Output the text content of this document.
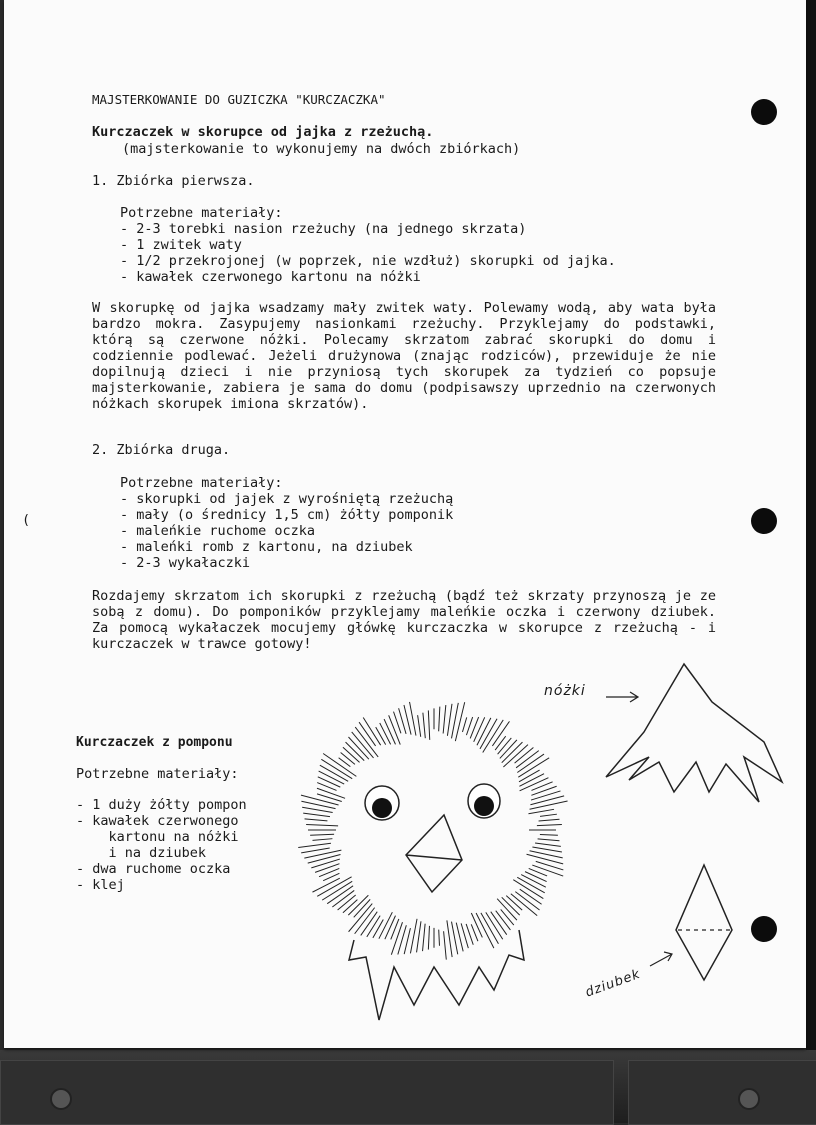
MAJSTERKOWANIE DO GUZICZKA "KURCZACZKA"
Kurczaczek w skorupce od jajka z rzeżuchą.
(majsterkowanie to wykonujemy na dwóch zbiórkach)
1. Zbiórka pierwsza.
Potrzebne materiały:
- 2-3 torebki nasion rzeżuchy (na jednego skrzata)
- 1 zwitek waty
- 1/2 przekrojonej (w poprzek, nie wzdłuż) skorupki od jajka.
- kawałek czerwonego kartonu na nóżki
W skorupkę od jajka wsadzamy mały zwitek waty. Polewamy wodą, aby wata była bardzo mokra. Zasypujemy nasionkami rzeżuchy. Przyklejamy do podstawki, którą są czerwone nóżki. Polecamy skrzatom zabrać skorupki do domu i codziennie podlewać. Jeżeli drużynowa (znając rodziców), przewiduje że nie dopilnują dzieci i nie przyniosą tych skorupek za tydzień co popsuje majsterkowanie, zabiera je sama do domu (podpisawszy uprzednio na czerwonych nóżkach skorupek imiona skrzatów).
2. Zbiórka druga.
Potrzebne materiały:
- skorupki od jajek z wyrośniętą rzeżuchą
- mały (o średnicy 1,5 cm) żółty pomponik
- maleńkie ruchome oczka
- maleńki romb z kartonu, na dziubek
- 2-3 wykałaczki
(
Rozdajemy skrzatom ich skorupki z rzeżuchą (bądź też skrzaty przynoszą je ze sobą z domu). Do pomponików przyklejamy maleńkie oczka i czerwony dziubek. Za pomocą wykałaczek mocujemy główkę kurczaczka w skorupce z rzeżuchą - i kurczaczek w trawce gotowy!
Kurczaczek z pomponu
Potrzebne materiały:
- 1 duży żółty pompon
- kawałek czerwonego
kartonu na nóżki
i na dziubek
- dwa ruchome oczka
- klej
nóżki
dziubek
